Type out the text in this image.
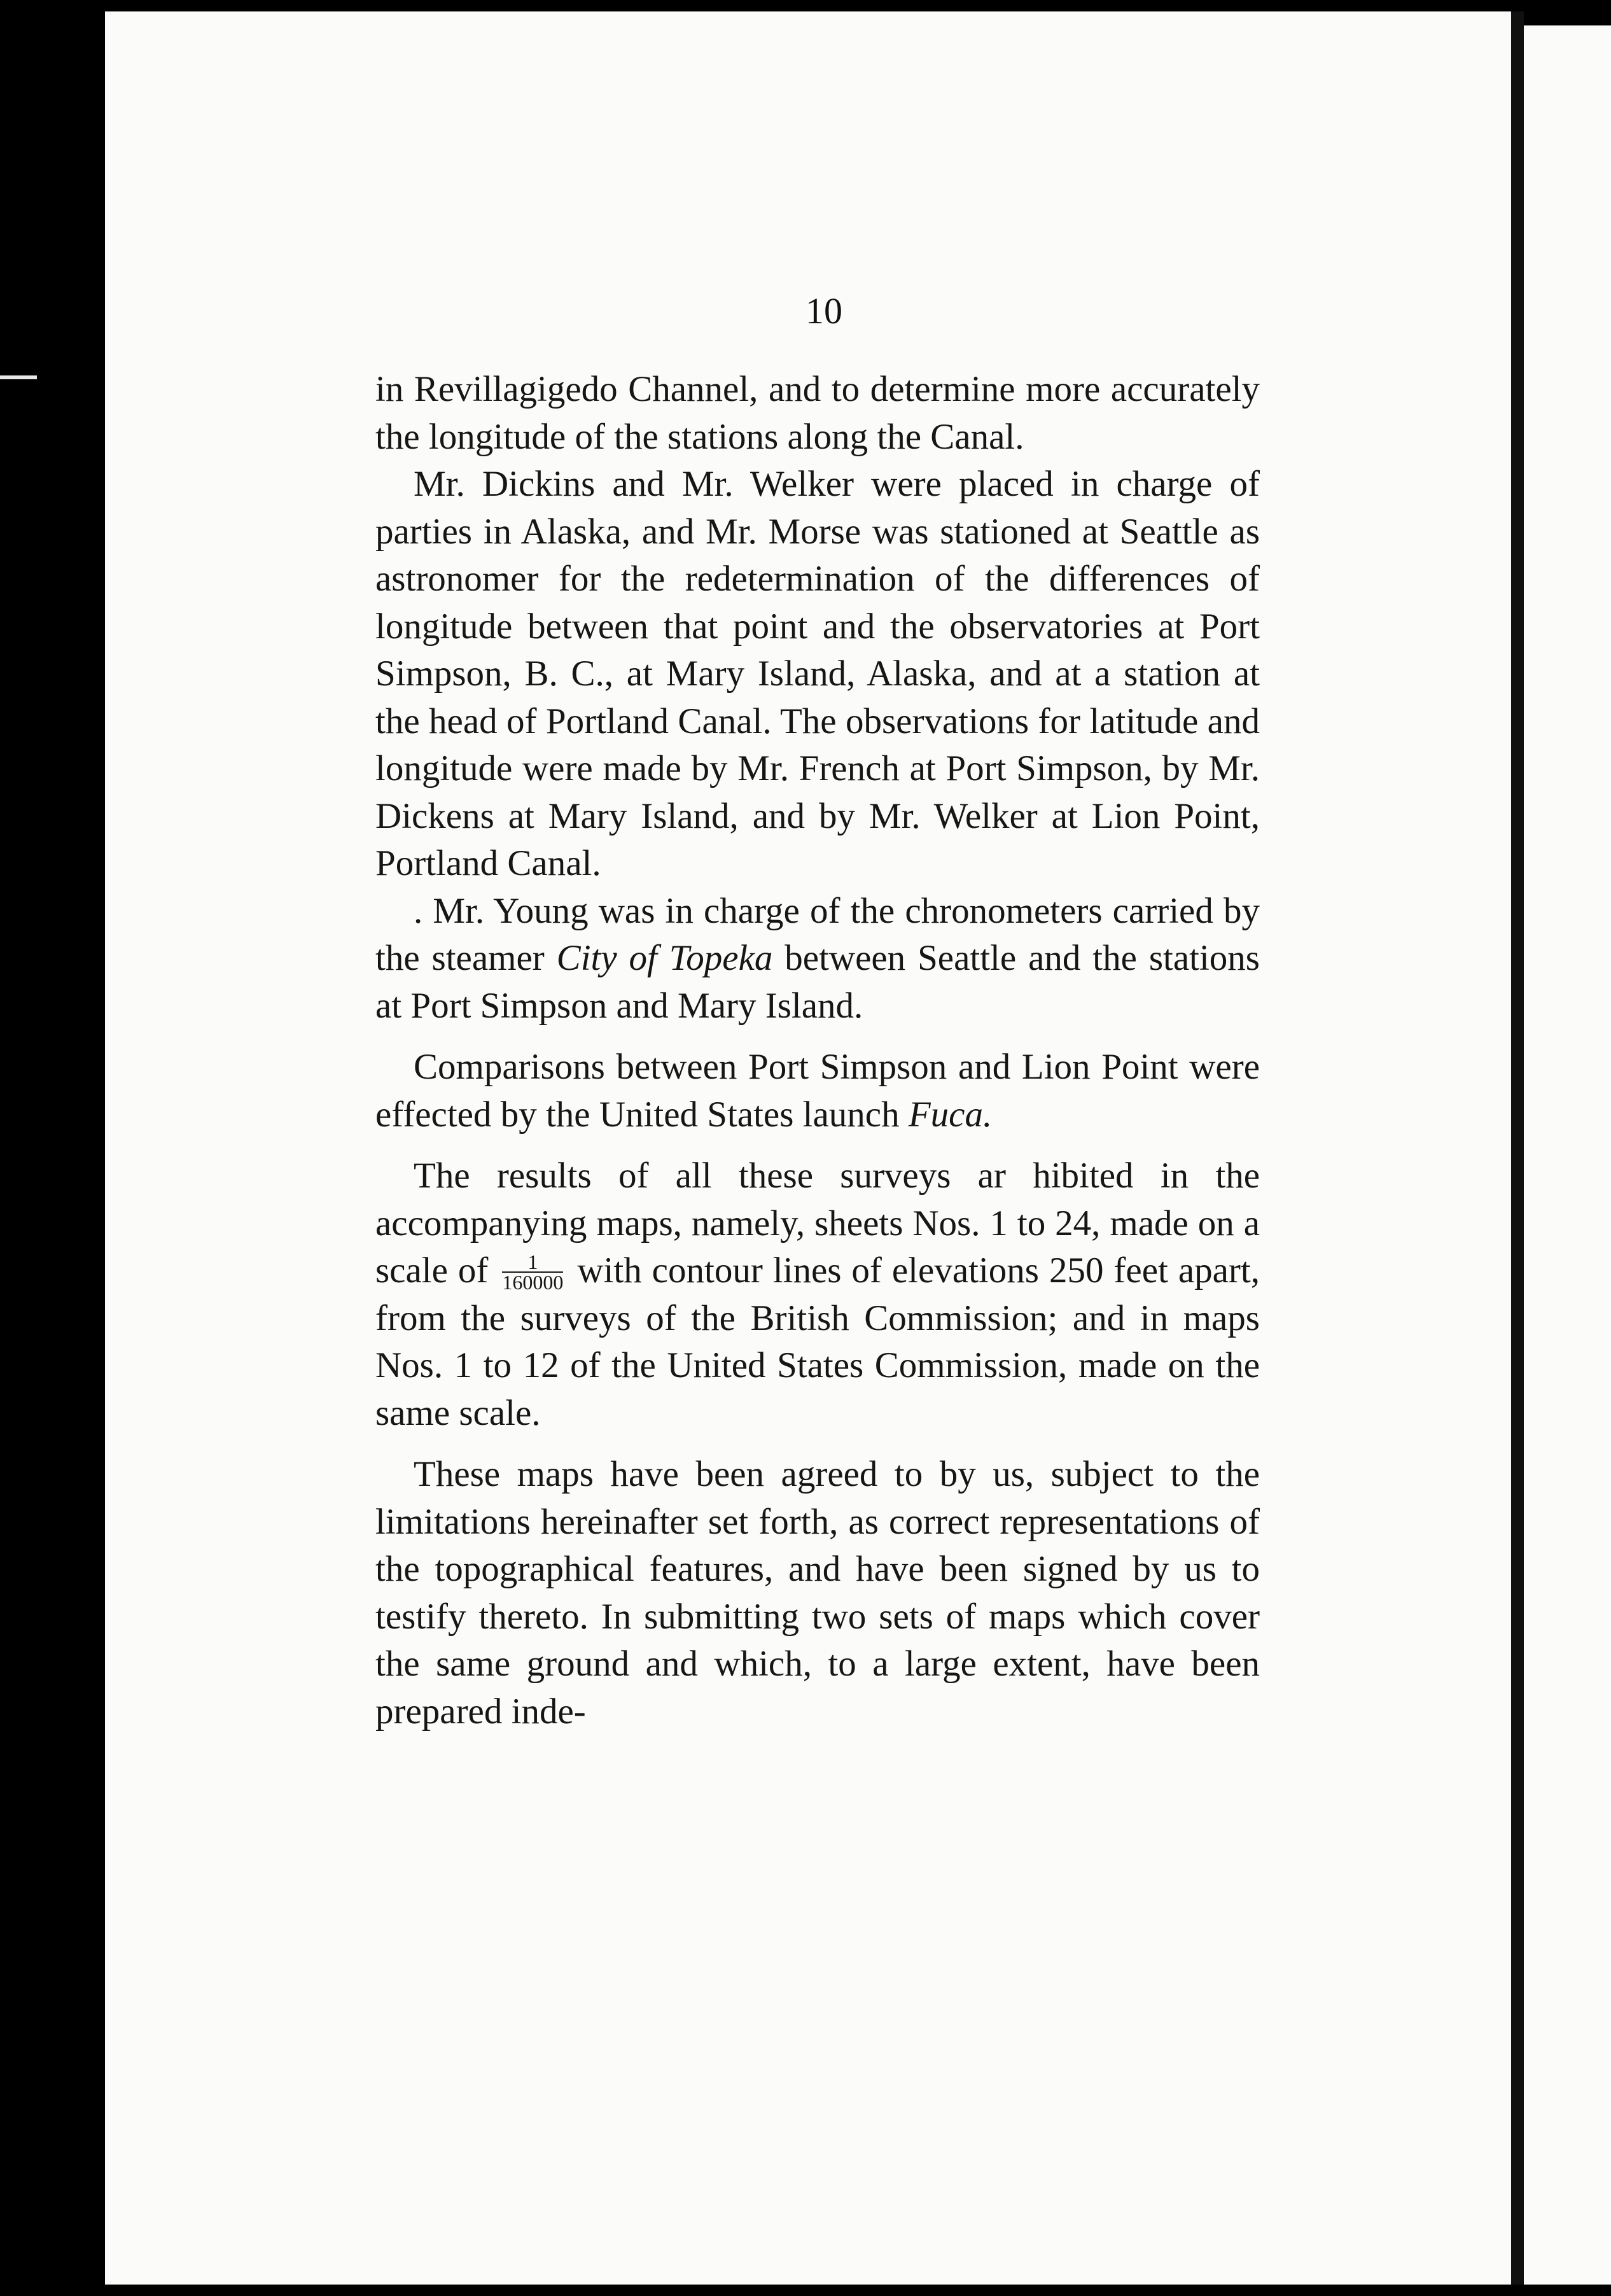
10

in Revillagigedo Channel, and to determine more accurately the longitude of the stations along the Canal.

Mr. Dickins and Mr. Welker were placed in charge of parties in Alaska, and Mr. Morse was stationed at Seattle as astronomer for the redetermination of the differences of longitude between that point and the observatories at Port Simpson, B. C., at Mary Island, Alaska, and at a station at the head of Portland Canal. The observations for latitude and longitude were made by Mr. French at Port Simpson, by Mr. Dickens at Mary Island, and by Mr. Welker at Lion Point, Portland Canal.

. Mr. Young was in charge of the chronometers carried by the steamer City of Topeka between Seattle and the stations at Port Simpson and Mary Island.

Comparisons between Port Simpson and Lion Point were effected by the United States launch Fuca.

The results of all these surveys ar hibited in the accompanying maps, namely, sheets Nos. 1 to 24, made on a scale of $\frac{1}{160000}$ with contour lines of elevations 250 feet apart, from the surveys of the British Commission; and in maps Nos. 1 to 12 of the United States Commission, made on the same scale.

These maps have been agreed to by us, subject to the limitations hereinafter set forth, as correct representations of the topographical features, and have been signed by us to testify thereto. In submitting two sets of maps which cover the same ground and which, to a large extent, have been prepared inde-
